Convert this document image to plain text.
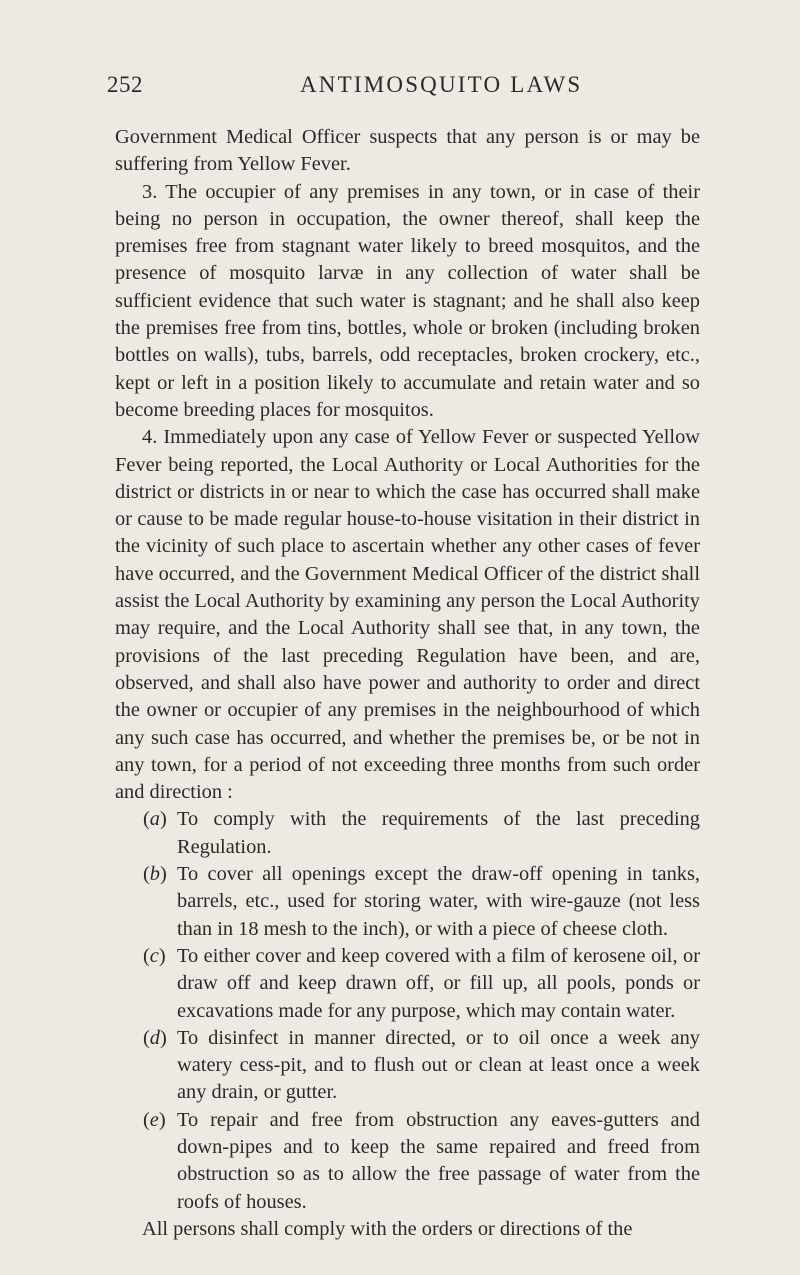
252	ANTIMOSQUITO LAWS

Government Medical Officer suspects that any person is or may be suffering from Yellow Fever.

3. The occupier of any premises in any town, or in case of their being no person in occupation, the owner thereof, shall keep the premises free from stagnant water likely to breed mosquitos, and the presence of mosquito larvæ in any collection of water shall be sufficient evidence that such water is stagnant; and he shall also keep the premises free from tins, bottles, whole or broken (including broken bottles on walls), tubs, barrels, odd receptacles, broken crockery, etc., kept or left in a position likely to accumulate and retain water and so become breeding places for mosquitos.

4. Immediately upon any case of Yellow Fever or suspected Yellow Fever being reported, the Local Authority or Local Authorities for the district or districts in or near to which the case has occurred shall make or cause to be made regular house-to-house visitation in their district in the vicinity of such place to ascertain whether any other cases of fever have occurred, and the Government Medical Officer of the district shall assist the Local Authority by examining any person the Local Authority may require, and the Local Authority shall see that, in any town, the provisions of the last preceding Regulation have been, and are, observed, and shall also have power and authority to order and direct the owner or occupier of any premises in the neighbourhood of which any such case has occurred, and whether the premises be, or be not in any town, for a period of not exceeding three months from such order and direction :

(a) To comply with the requirements of the last preceding Regulation.
(b) To cover all openings except the draw-off opening in tanks, barrels, etc., used for storing water, with wire-gauze (not less than in 18 mesh to the inch), or with a piece of cheese cloth.
(c) To either cover and keep covered with a film of kerosene oil, or draw off and keep drawn off, or fill up, all pools, ponds or excavations made for any purpose, which may contain water.
(d) To disinfect in manner directed, or to oil once a week any watery cess-pit, and to flush out or clean at least once a week any drain, or gutter.
(e) To repair and free from obstruction any eaves-gutters and down-pipes and to keep the same repaired and freed from obstruction so as to allow the free passage of water from the roofs of houses.

All persons shall comply with the orders or directions of the
